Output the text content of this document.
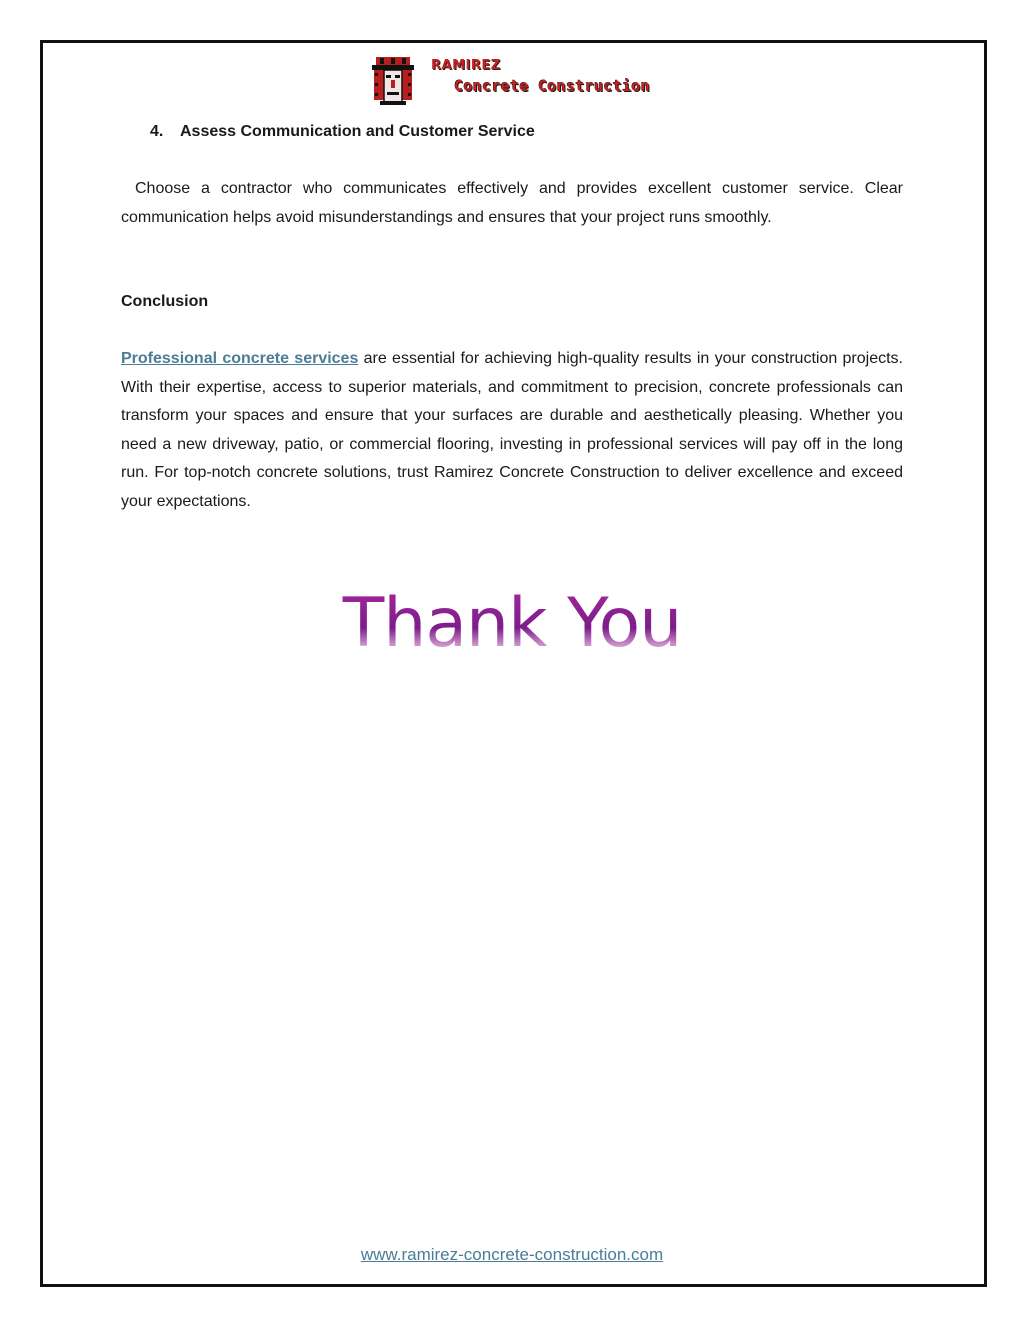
RAMIREZ
Concrete Construction
4. Assess Communication and Customer Service

Choose a contractor who communicates effectively and provides excellent customer service. Clear communication helps avoid misunderstandings and ensures that your project runs smoothly.

Conclusion

Professional concrete services are essential for achieving high-quality results in your construction projects. With their expertise, access to superior materials, and commitment to precision, concrete professionals can transform your spaces and ensure that your surfaces are durable and aesthetically pleasing. Whether you need a new driveway, patio, or commercial flooring, investing in professional services will pay off in the long run. For top-notch concrete solutions, trust Ramirez Concrete Construction to deliver excellence and exceed your expectations.

Thank You
www.ramirez-concrete-construction.com
